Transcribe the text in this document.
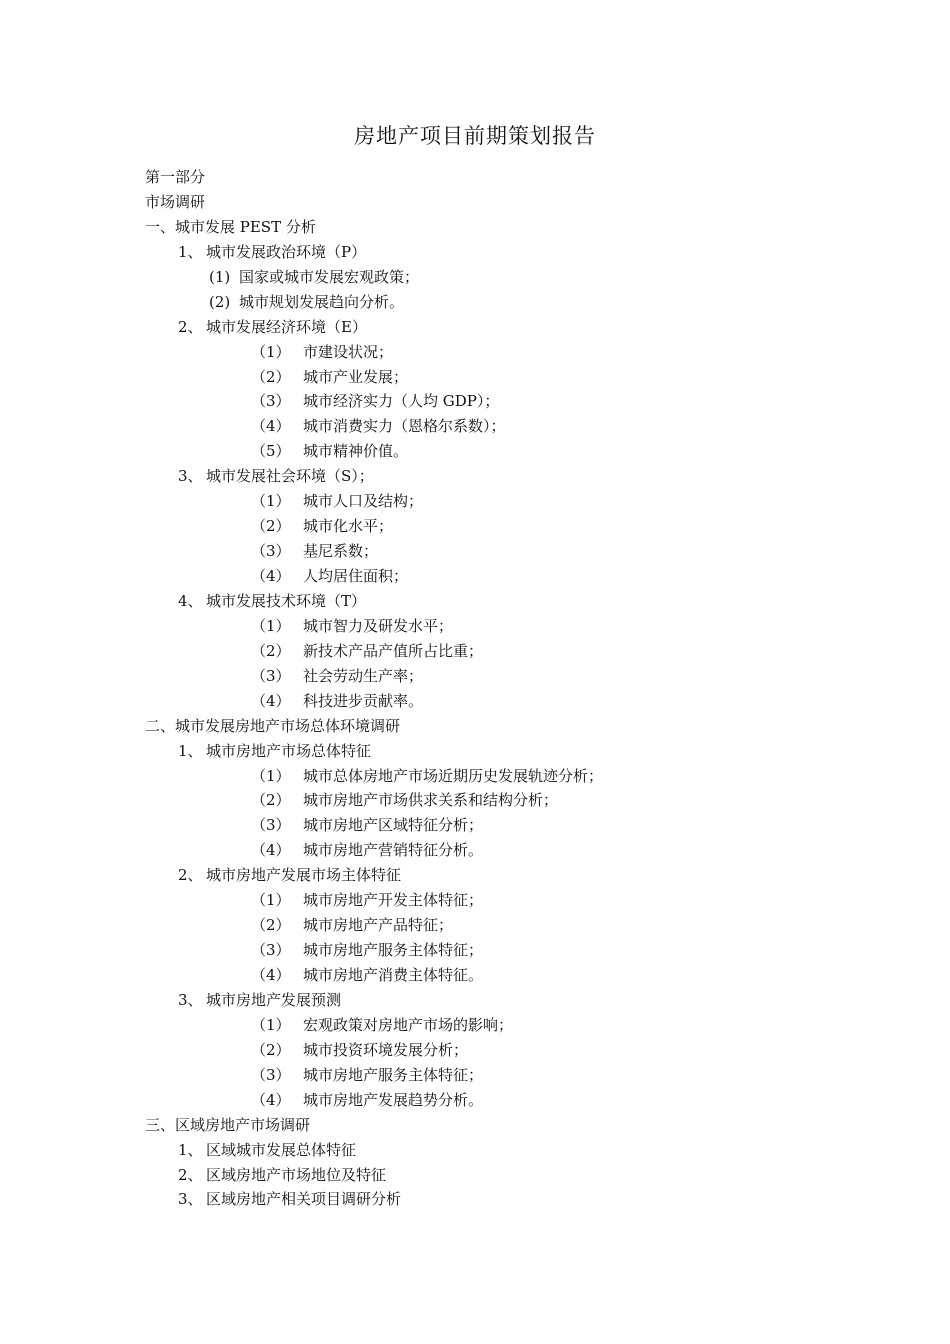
房地产项目前期策划报告
第一部分
市场调研
一、城市发展 PEST 分析
1、 城市发展政治环境（P）
(1) 国家或城市发展宏观政策；
(2) 城市规划发展趋向分析。
2、 城市发展经济环境（E）
（1） 市建设状况；
（2） 城市产业发展；
（3） 城市经济实力（人均 GDP）；
（4） 城市消费实力（恩格尔系数）；
（5） 城市精神价值。
3、 城市发展社会环境（S）；
（1） 城市人口及结构；
（2） 城市化水平；
（3） 基尼系数；
（4） 人均居住面积；
4、 城市发展技术环境（T）
（1） 城市智力及研发水平；
（2） 新技术产品产值所占比重；
（3） 社会劳动生产率；
（4） 科技进步贡献率。
二、城市发展房地产市场总体环境调研
1、 城市房地产市场总体特征
（1） 城市总体房地产市场近期历史发展轨迹分析；
（2） 城市房地产市场供求关系和结构分析；
（3） 城市房地产区域特征分析；
（4） 城市房地产营销特征分析。
2、 城市房地产发展市场主体特征
（1） 城市房地产开发主体特征；
（2） 城市房地产产品特征；
（3） 城市房地产服务主体特征；
（4） 城市房地产消费主体特征。
3、 城市房地产发展预测
（1） 宏观政策对房地产市场的影响；
（2） 城市投资环境发展分析；
（3） 城市房地产服务主体特征；
（4） 城市房地产发展趋势分析。
三、区域房地产市场调研
1、 区域城市发展总体特征
2、 区域房地产市场地位及特征
3、 区域房地产相关项目调研分析
